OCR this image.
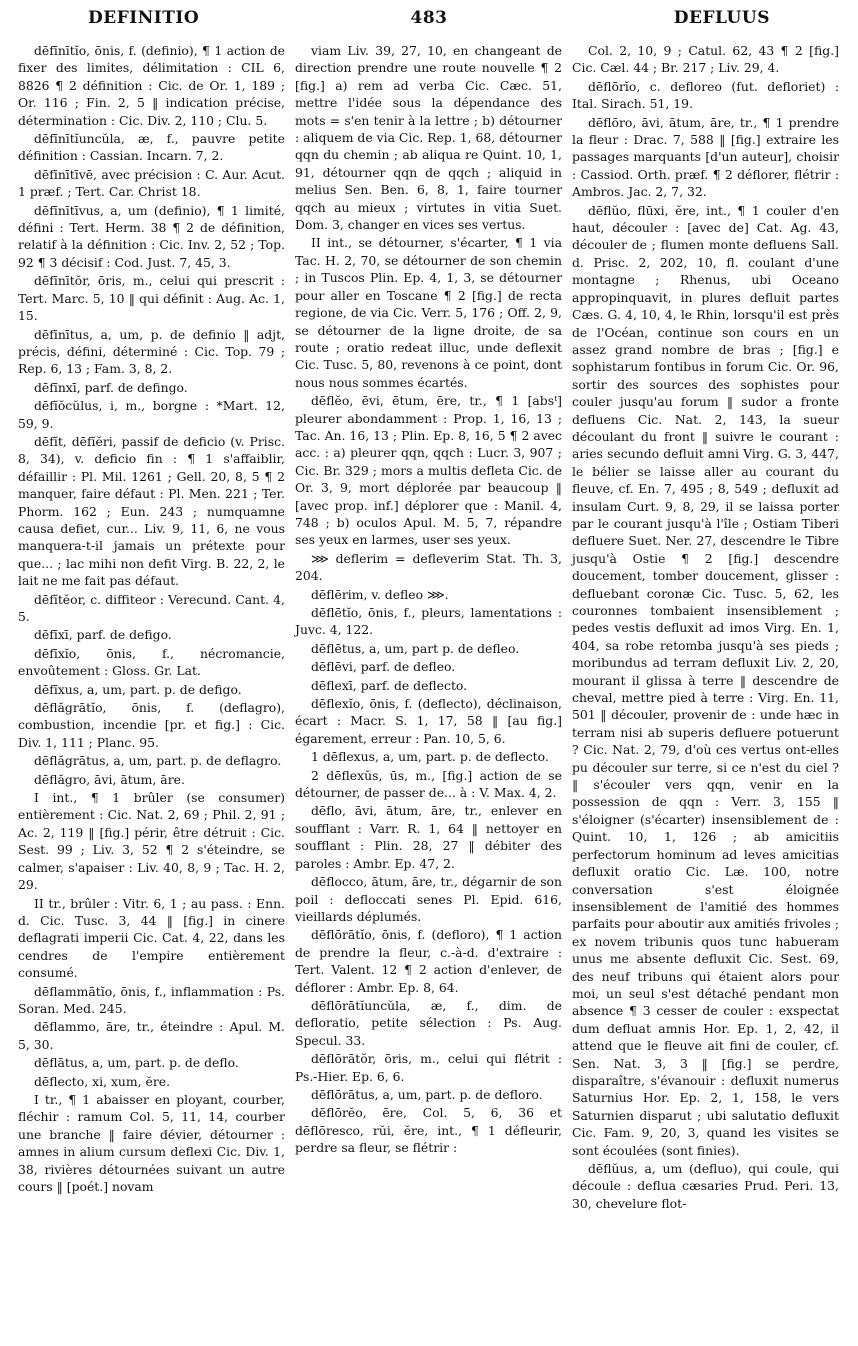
DEFINITIO	483	DEFLUUS

dēfīnītĭo, ōnis, f. (definio), ¶ 1 action de fixer des limites, délimitation : CIL 6, 8826 ¶ 2 définition : Cic. de Or. 1, 189 ; Or. 116 ; Fin. 2, 5 ‖ indication précise, détermination : Cic. Div. 2, 110 ; Clu. 5.

dēfīnītĭuncŭla, æ, f., pauvre petite définition : Cassian. Incarn. 7, 2.

dēfīnītīvē, avec précision : C. Aur. Acut. 1 præf. ; Tert. Car. Christ 18.

dēfīnītīvus, a, um (definio), ¶ 1 limité, défini : Tert. Herm. 38 ¶ 2 de définition, relatif à la définition : Cic. Inv. 2, 52 ; Top. 92 ¶ 3 décisif : Cod. Just. 7, 45, 3.

dēfīnītŏr, ōris, m., celui qui prescrit : Tert. Marc. 5, 10 ‖ qui définit : Aug. Ac. 1, 15.

dēfīnītus, a, um, p. de definio ‖ adjt, précis, défini, déterminé : Cic. Top. 79 ; Rep. 6, 13 ; Fam. 3, 8, 2.

dēfīnxī, parf. de defingo.

dēfĭŏcŭlus, i, m., borgne : *Mart. 12, 59, 9.

dēfĭt, dēfĭĕri, passif de deficio (v. Prisc. 8, 34), v. deficio fin : ¶ 1 s'affaiblir, défaillir : Pl. Mil. 1261 ; Gell. 20, 8, 5 ¶ 2 manquer, faire défaut : Pl. Men. 221 ; Ter. Phorm. 162 ; Eun. 243 ; numquamne causa defiet, cur... Liv. 9, 11, 6, ne vous manquera-t-il jamais un prétexte pour que... ; lac mihi non defit Virg. B. 22, 2, le lait ne me fait pas défaut.

dēfĭtĕor, c. diffiteor : Verecund. Cant. 4, 5.

dēfīxī, parf. de defigo.

dēfīxĭo, ōnis, f., nécromancie, envoûtement : Gloss. Gr. Lat.

dēfīxus, a, um, part. p. de defigo.

dēflăgrātĭo, ōnis, f. (deflagro), combustion, incendie [pr. et fig.] : Cic. Div. 1, 111 ; Planc. 95.

dēflăgrātus, a, um, part. p. de deflagro.

dēflăgro, āvi, ātum, āre.

I int., ¶ 1 brûler (se consumer) entièrement : Cic. Nat. 2, 69 ; Phil. 2, 91 ; Ac. 2, 119 ‖ [fig.] périr, être détruit : Cic. Sest. 99 ; Liv. 3, 52 ¶ 2 s'éteindre, se calmer, s'apaiser : Liv. 40, 8, 9 ; Tac. H. 2, 29.

II tr., brûler : Vitr. 6, 1 ; au pass. : Enn. d. Cic. Tusc. 3, 44 ‖ [fig.] in cinere deflagrati imperii Cic. Cat. 4, 22, dans les cendres de l'empire entièrement consumé.

dēflammātĭo, ōnis, f., inflammation : Ps. Soran. Med. 245.

dēflammo, āre, tr., éteindre : Apul. M. 5, 30.

dēflātus, a, um, part. p. de deflo.

dēflecto, xi, xum, ĕre.

I tr., ¶ 1 abaisser en ployant, courber, fléchir : ramum Col. 5, 11, 14, courber une branche ‖ faire dévier, détourner : amnes in alium cursum deflexi Cic. Div. 1, 38, rivières détournées suivant un autre cours ‖ [poét.] novam

viam Liv. 39, 27, 10, en changeant de direction prendre une route nouvelle ¶ 2 [fig.] a) rem ad verba Cic. Cæc. 51, mettre l'idée sous la dépendance des mots = s'en tenir à la lettre ; b) détourner : aliquem de via Cic. Rep. 1, 68, détourner qqn du chemin ; ab aliqua re Quint. 10, 1, 91, détourner qqn de qqch ; aliquid in melius Sen. Ben. 6, 8, 1, faire tourner qqch au mieux ; virtutes in vitia Suet. Dom. 3, changer en vices ses vertus.

II int., se détourner, s'écarter, ¶ 1 via Tac. H. 2, 70, se détourner de son chemin ; in Tuscos Plin. Ep. 4, 1, 3, se détourner pour aller en Toscane ¶ 2 [fig.] de recta regione, de via Cic. Verr. 5, 176 ; Off. 2, 9, se détourner de la ligne droite, de sa route ; oratio redeat illuc, unde deflexit Cic. Tusc. 5, 80, revenons à ce point, dont nous nous sommes écartés.

dēflĕo, ēvi, ētum, ēre, tr., ¶ 1 [absᵗ] pleurer abondamment : Prop. 1, 16, 13 ; Tac. An. 16, 13 ; Plin. Ep. 8, 16, 5 ¶ 2 avec acc. : a) pleurer qqn, qqch : Lucr. 3, 907 ; Cic. Br. 329 ; mors a multis defleta Cic. de Or. 3, 9, mort déplorée par beaucoup ‖ [avec prop. inf.] déplorer que : Manil. 4, 748 ; b) oculos Apul. M. 5, 7, répandre ses yeux en larmes, user ses yeux.

⋙ deflerim = defleverim Stat. Th. 3, 204.

dēflērim, v. defleo ⋙.

dēflētĭo, ōnis, f., pleurs, lamentations : Juvc. 4, 122.

dēflētus, a, um, part p. de defleo.

dēflēvi, parf. de defleo.

dēflexī, parf. de deflecto.

dēflexĭo, ōnis, f. (deflecto), déclinaison, écart : Macr. S. 1, 17, 58 ‖ [au fig.] égarement, erreur : Pan. 10, 5, 6.

1 dēflexus, a, um, part. p. de deflecto.

2 dēflexŭs, ūs, m., [fig.] action de se détourner, de passer de... à : V. Max. 4, 2.

dēflo, āvi, ātum, āre, tr., enlever en soufflant : Varr. R. 1, 64 ‖ nettoyer en soufflant : Plin. 28, 27 ‖ débiter des paroles : Ambr. Ep. 47, 2.

dēflocco, ātum, āre, tr., dégarnir de son poil : defloccati senes Pl. Epid. 616, vieillards déplumés.

dēflōrātĭo, ōnis, f. (defloro), ¶ 1 action de prendre la fleur, c.-à-d. d'extraire : Tert. Valent. 12 ¶ 2 action d'enlever, de déflorer : Ambr. Ep. 8, 64.

dēflōrātĭuncŭla, æ, f., dim. de defloratio, petite sélection : Ps. Aug. Specul. 33.

dēflōrātŏr, ōris, m., celui qui flétrit : Ps.-Hier. Ep. 6, 6.

dēflōrātus, a, um, part. p. de defloro.

dēflōrĕo, ēre, Col. 5, 6, 36 et dēflōresco, rŭi, ĕre, int., ¶ 1 défleurir, perdre sa fleur, se flétrir :

Col. 2, 10, 9 ; Catul. 62, 43 ¶ 2 [fig.] Cic. Cæl. 44 ; Br. 217 ; Liv. 29, 4.

dēflōrĭo, c. defloreo (fut. defloriet) : Ital. Sirach. 51, 19.

dēflōro, āvi, ātum, āre, tr., ¶ 1 prendre la fleur : Drac. 7, 588 ‖ [fig.] extraire les passages marquants [d'un auteur], choisir : Cassiod. Orth. præf. ¶ 2 déflorer, flétrir : Ambros. Jac. 2, 7, 32.

dēflŭo, flūxi, ĕre, int., ¶ 1 couler d'en haut, découler : [avec de] Cat. Ag. 43, découler de ; flumen monte defluens Sall. d. Prisc. 2, 202, 10, fl. coulant d'une montagne ; Rhenus, ubi Oceano appropinquavit, in plures defluit partes Cæs. G. 4, 10, 4, le Rhin, lorsqu'il est près de l'Océan, continue son cours en un assez grand nombre de bras ; [fig.] e sophistarum fontibus in forum Cic. Or. 96, sortir des sources des sophistes pour couler jusqu'au forum ‖ sudor a fronte defluens Cic. Nat. 2, 143, la sueur découlant du front ‖ suivre le courant : aries secundo defluit amni Virg. G. 3, 447, le bélier se laisse aller au courant du fleuve, cf. En. 7, 495 ; 8, 549 ; defluxit ad insulam Curt. 9, 8, 29, il se laissa porter par le courant jusqu'à l'île ; Ostiam Tiberi defluere Suet. Ner. 27, descendre le Tibre jusqu'à Ostie ¶ 2 [fig.] descendre doucement, tomber doucement, glisser : defluebant coronæ Cic. Tusc. 5, 62, les couronnes tombaient insensiblement ; pedes vestis defluxit ad imos Virg. En. 1, 404, sa robe retomba jusqu'à ses pieds ; moribundus ad terram defluxit Liv. 2, 20, mourant il glissa à terre ‖ descendre de cheval, mettre pied à terre : Virg. En. 11, 501 ‖ découler, provenir de : unde hæc in terram nisi ab superis defluere potuerunt ? Cic. Nat. 2, 79, d'où ces vertus ont-elles pu découler sur terre, si ce n'est du ciel ? ‖ s'écouler vers qqn, venir en la possession de qqn : Verr. 3, 155 ‖ s'éloigner (s'écarter) insensiblement de : Quint. 10, 1, 126 ; ab amicitiis perfectorum hominum ad leves amicitias defluxit oratio Cic. Læ. 100, notre conversation s'est éloignée insensiblement de l'amitié des hommes parfaits pour aboutir aux amitiés frivoles ; ex novem tribunis quos tunc habueram unus me absente defluxit Cic. Sest. 69, des neuf tribuns qui étaient alors pour moi, un seul s'est détaché pendant mon absence ¶ 3 cesser de couler : exspectat dum defluat amnis Hor. Ep. 1, 2, 42, il attend que le fleuve ait fini de couler, cf. Sen. Nat. 3, 3 ‖ [fig.] se perdre, disparaître, s'évanouir : defluxit numerus Saturnius Hor. Ep. 2, 1, 158, le vers Saturnien disparut ; ubi salutatio defluxit Cic. Fam. 9, 20, 3, quand les visites se sont écoulées (sont finies).

dēflŭus, a, um (defluo), qui coule, qui découle : deflua cæsaries Prud. Peri. 13, 30, chevelure flot-
